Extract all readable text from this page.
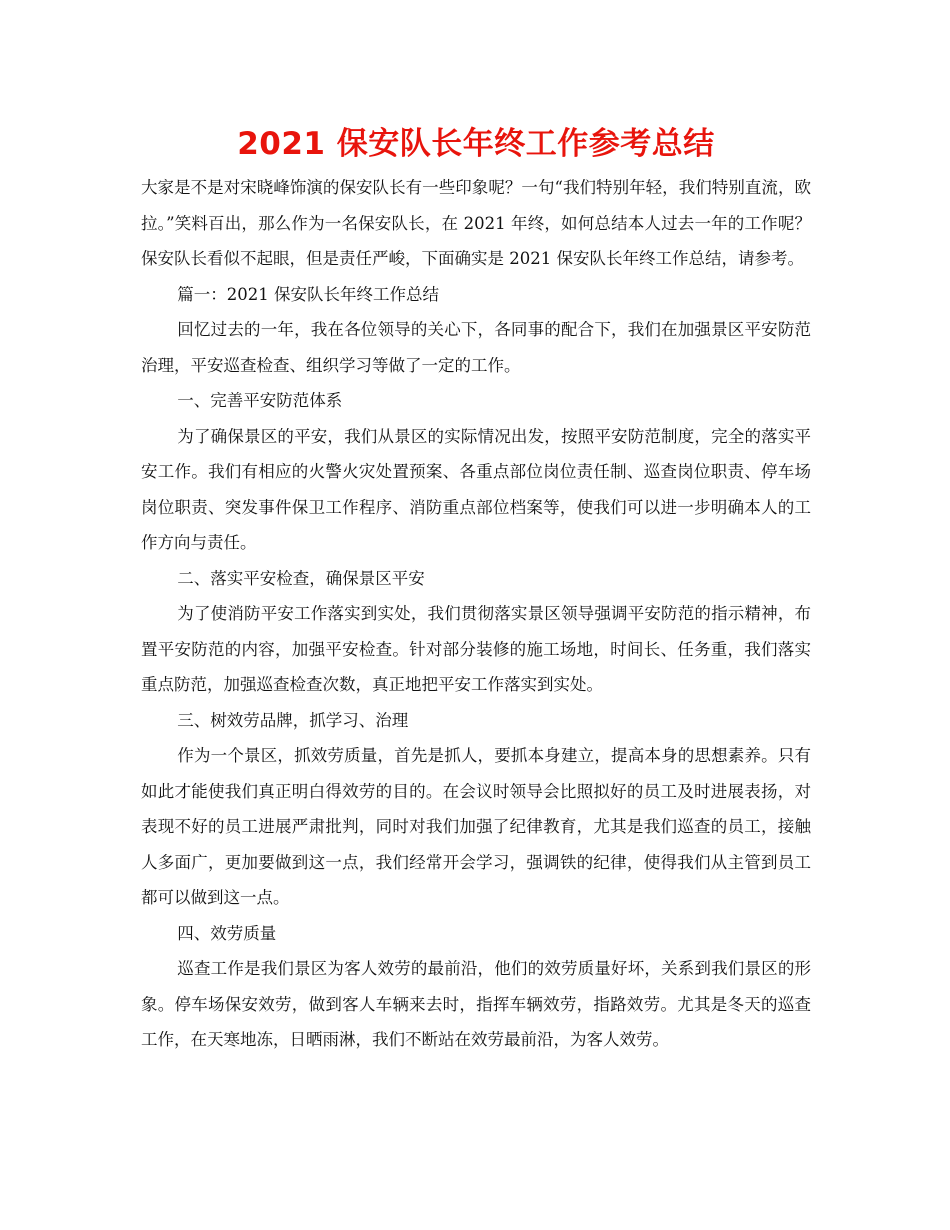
2021 保安队长年终工作参考总结

大家是不是对宋晓峰饰演的保安队长有一些印象呢？一句“我们特别年轻，我们特别直流，欧拉。”笑料百出，那么作为一名保安队长，在 2021 年终，如何总结本人过去一年的工作呢？保安队长看似不起眼，但是责任严峻，下面确实是 2021 保安队长年终工作总结，请参考。

篇一：2021 保安队长年终工作总结

回忆过去的一年，我在各位领导的关心下，各同事的配合下，我们在加强景区平安防范治理，平安巡查检查、组织学习等做了一定的工作。

一、完善平安防范体系

为了确保景区的平安，我们从景区的实际情况出发，按照平安防范制度，完全的落实平安工作。我们有相应的火警火灾处置预案、各重点部位岗位责任制、巡查岗位职责、停车场岗位职责、突发事件保卫工作程序、消防重点部位档案等，使我们可以进一步明确本人的工作方向与责任。

二、落实平安检查，确保景区平安

为了使消防平安工作落实到实处，我们贯彻落实景区领导强调平安防范的指示精神，布置平安防范的内容，加强平安检查。针对部分装修的施工场地，时间长、任务重，我们落实重点防范，加强巡查检查次数，真正地把平安工作落实到实处。

三、树效劳品牌，抓学习、治理

作为一个景区，抓效劳质量，首先是抓人，要抓本身建立，提高本身的思想素养。只有如此才能使我们真正明白得效劳的目的。在会议时领导会比照拟好的员工及时进展表扬，对表现不好的员工进展严肃批判，同时对我们加强了纪律教育，尤其是我们巡查的员工，接触人多面广，更加要做到这一点，我们经常开会学习，强调铁的纪律，使得我们从主管到员工都可以做到这一点。

四、效劳质量

巡查工作是我们景区为客人效劳的最前沿，他们的效劳质量好坏，关系到我们景区的形象。停车场保安效劳，做到客人车辆来去时，指挥车辆效劳，指路效劳。尤其是冬天的巡查工作，在天寒地冻，日晒雨淋，我们不断站在效劳最前沿，为客人效劳。
